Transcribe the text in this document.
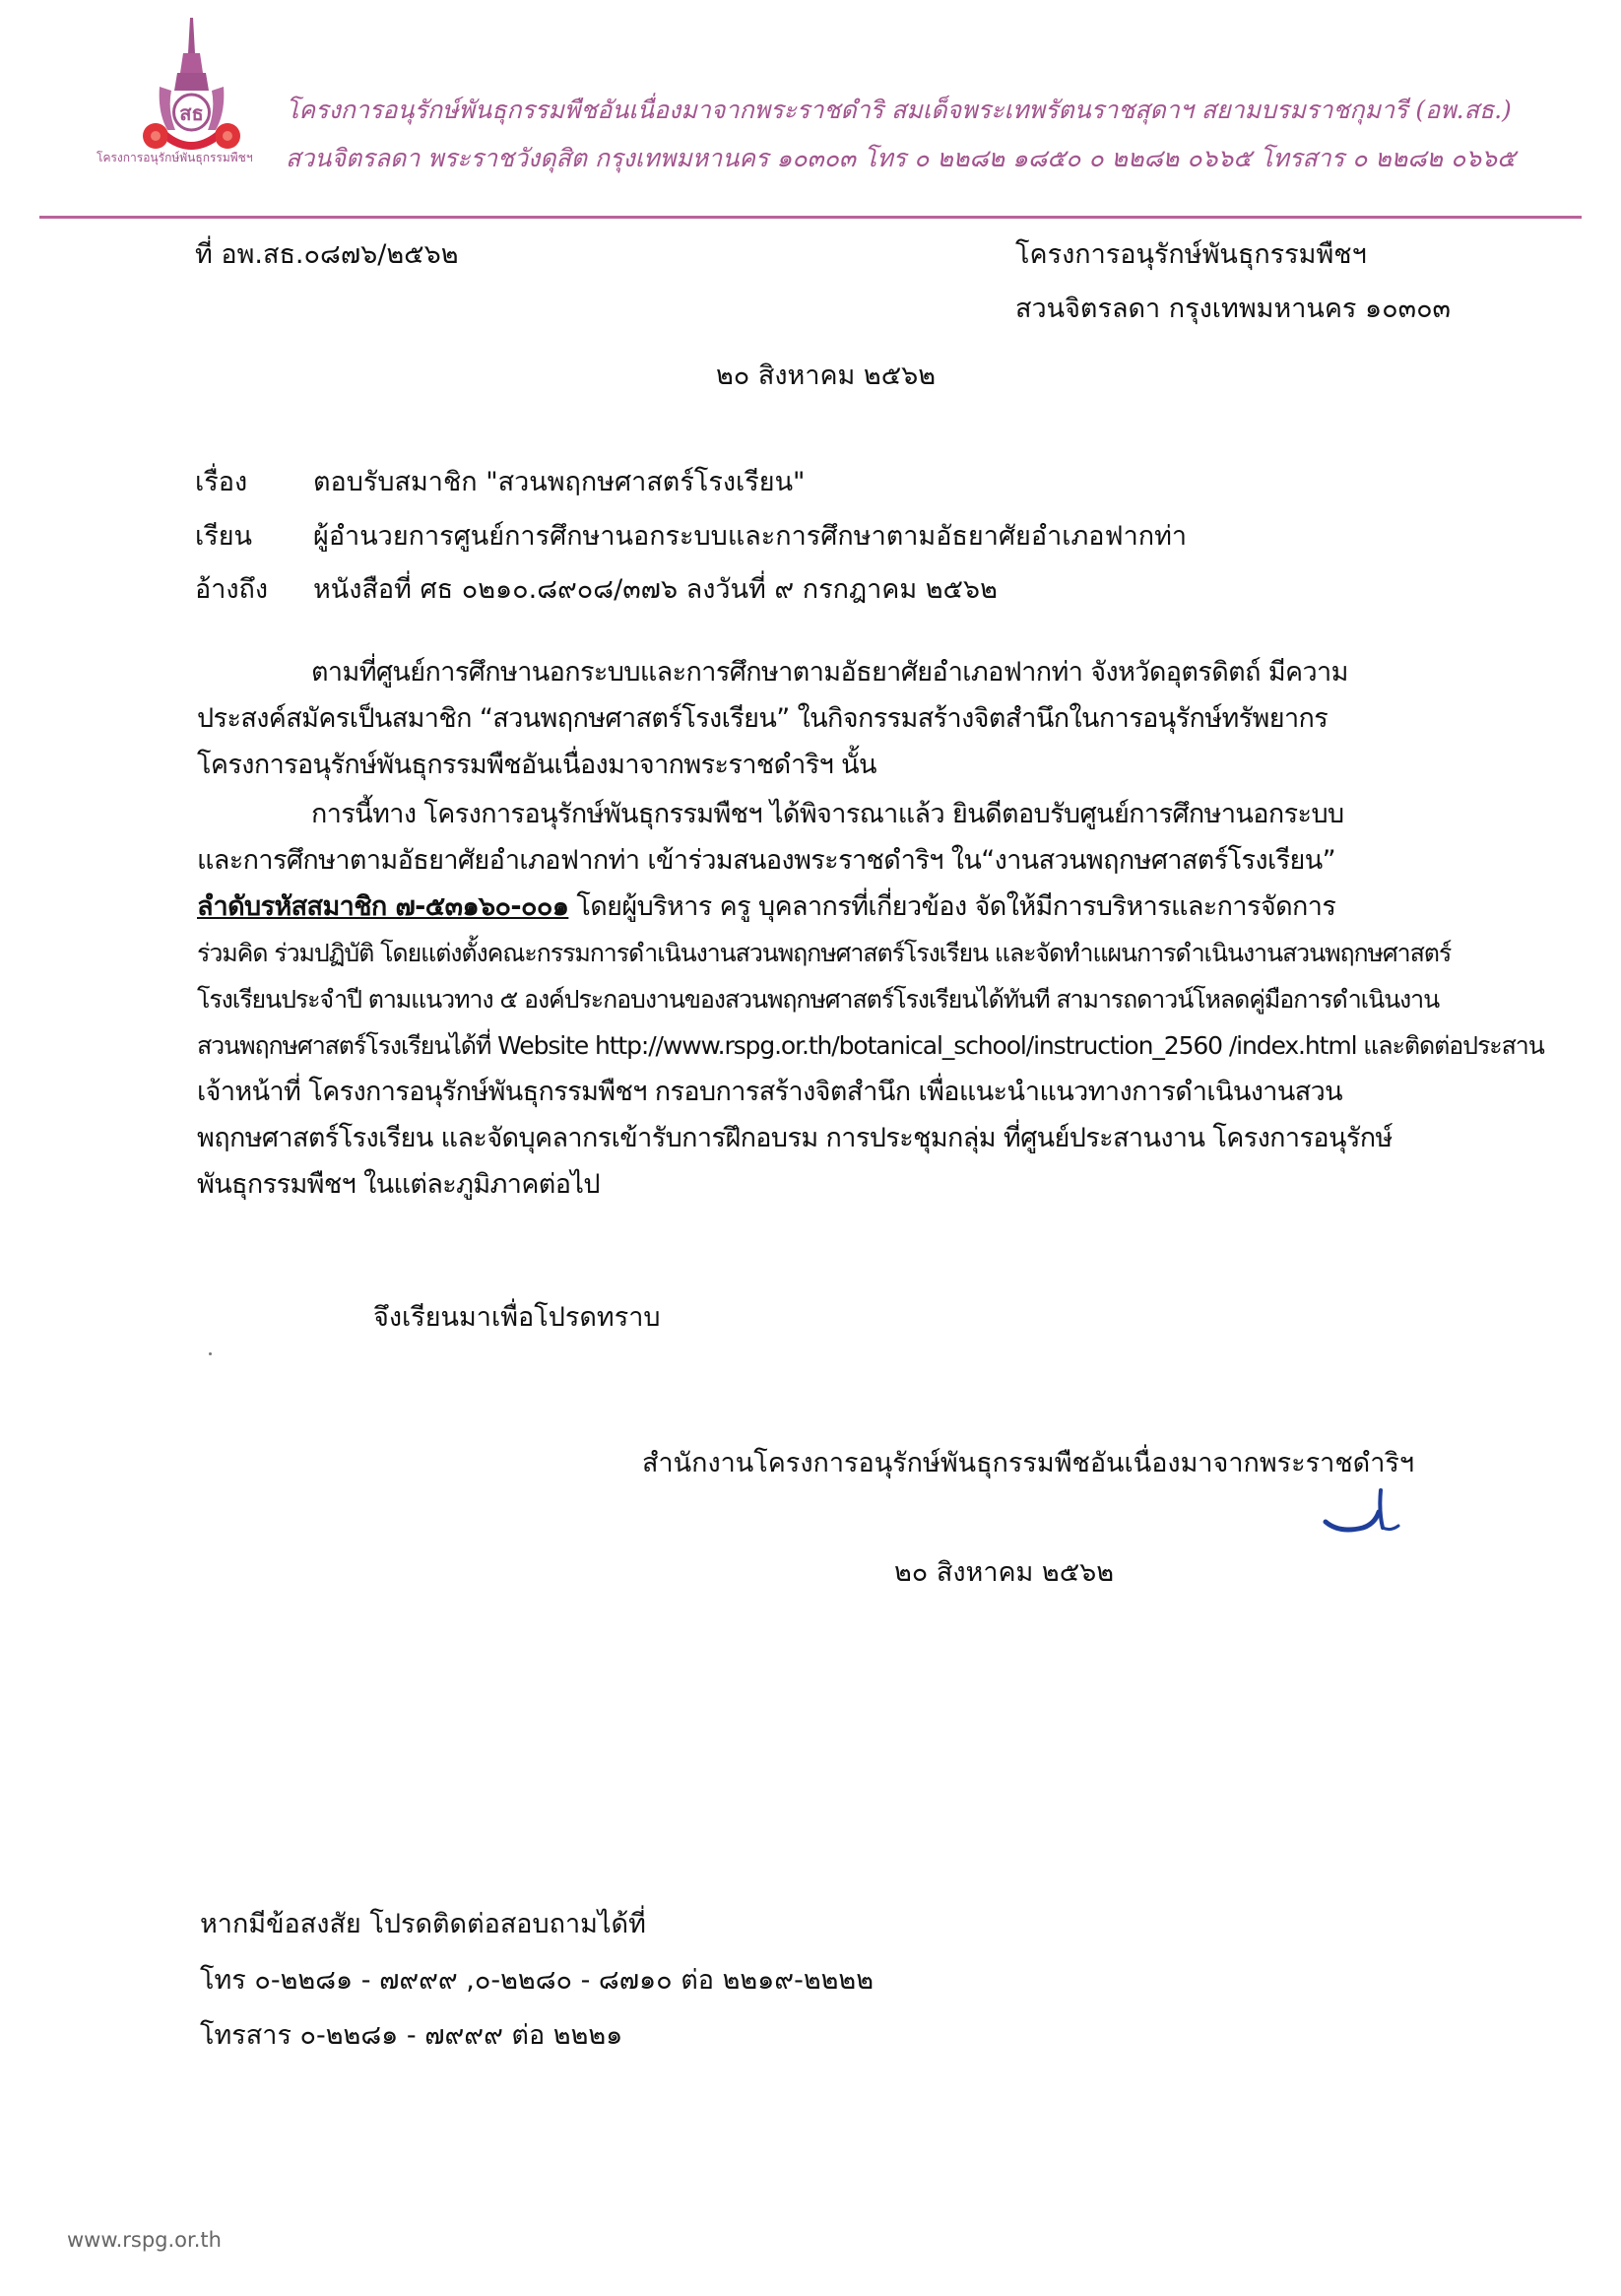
สธ
โครงการอนุรักษ์พันธุกรรมพืชฯ
โครงการอนุรักษ์พันธุกรรมพืชอันเนื่องมาจากพระราชดำริ สมเด็จพระเทพรัตนราชสุดาฯ สยามบรมราชกุมารี (อพ.สธ.)
สวนจิตรลดา พระราชวังดุสิต กรุงเทพมหานคร ๑๐๓๐๓ โทร ๐ ๒๒๘๒ ๑๘๕๐ ๐ ๒๒๘๒ ๐๖๖๕ โทรสาร ๐ ๒๒๘๒ ๐๖๖๕
ที่ อพ.สธ.๐๘๗๖/๒๕๖๒	โครงการอนุรักษ์พันธุกรรมพืชฯ
สวนจิตรลดา กรุงเทพมหานคร ๑๐๓๐๓
๒๐ สิงหาคม ๒๕๖๒
เรื่อง ตอบรับสมาชิก "สวนพฤกษศาสตร์โรงเรียน"
เรียน ผู้อำนวยการศูนย์การศึกษานอกระบบและการศึกษาตามอัธยาศัยอำเภอฟากท่า
อ้างถึง หนังสือที่ ศธ ๐๒๑๐.๘๙๐๘/๓๗๖ ลงวันที่ ๙ กรกฎาคม ๒๕๖๒
ตามที่ศูนย์การศึกษานอกระบบและการศึกษาตามอัธยาศัยอำเภอฟากท่า จังหวัดอุตรดิตถ์ มีความ
ประสงค์สมัครเป็นสมาชิก “สวนพฤกษศาสตร์โรงเรียน” ในกิจกรรมสร้างจิตสำนึกในการอนุรักษ์ทรัพยากร
โครงการอนุรักษ์พันธุกรรมพืชอันเนื่องมาจากพระราชดำริฯ นั้น
การนี้ทาง โครงการอนุรักษ์พันธุกรรมพืชฯ ได้พิจารณาแล้ว ยินดีตอบรับศูนย์การศึกษานอกระบบ
และการศึกษาตามอัธยาศัยอำเภอฟากท่า เข้าร่วมสนองพระราชดำริฯ ใน“งานสวนพฤกษศาสตร์โรงเรียน”
ลำดับรหัสสมาชิก ๗-๕๓๑๖๐-๐๐๑ โดยผู้บริหาร ครู บุคลากรที่เกี่ยวข้อง จัดให้มีการบริหารและการจัดการ
ร่วมคิด ร่วมปฏิบัติ โดยแต่งตั้งคณะกรรมการดำเนินงานสวนพฤกษศาสตร์โรงเรียน และจัดทำแผนการดำเนินงานสวนพฤกษศาสตร์
โรงเรียนประจำปี ตามแนวทาง ๕ องค์ประกอบงานของสวนพฤกษศาสตร์โรงเรียนได้ทันที สามารถดาวน์โหลดคู่มือการดำเนินงาน
สวนพฤกษศาสตร์โรงเรียนได้ที่ Website http://www.rspg.or.th/botanical_school/instruction_2560 /index.html และติดต่อประสาน
เจ้าหน้าที่ โครงการอนุรักษ์พันธุกรรมพืชฯ กรอบการสร้างจิตสำนึก เพื่อแนะนำแนวทางการดำเนินงานสวน
พฤกษศาสตร์โรงเรียน และจัดบุคลากรเข้ารับการฝึกอบรม การประชุมกลุ่ม ที่ศูนย์ประสานงาน โครงการอนุรักษ์
พันธุกรรมพืชฯ ในแต่ละภูมิภาคต่อไป
จึงเรียนมาเพื่อโปรดทราบ
สำนักงานโครงการอนุรักษ์พันธุกรรมพืชอันเนื่องมาจากพระราชดำริฯ
๒๐ สิงหาคม ๒๕๖๒
หากมีข้อสงสัย โปรดติดต่อสอบถามได้ที่
โทร ๐-๒๒๘๑ - ๗๙๙๙ ,๐-๒๒๘๐ - ๘๗๑๐ ต่อ ๒๒๑๙-๒๒๒๒
โทรสาร ๐-๒๒๘๑ - ๗๙๙๙ ต่อ ๒๒๒๑
www.rspg.or.th
